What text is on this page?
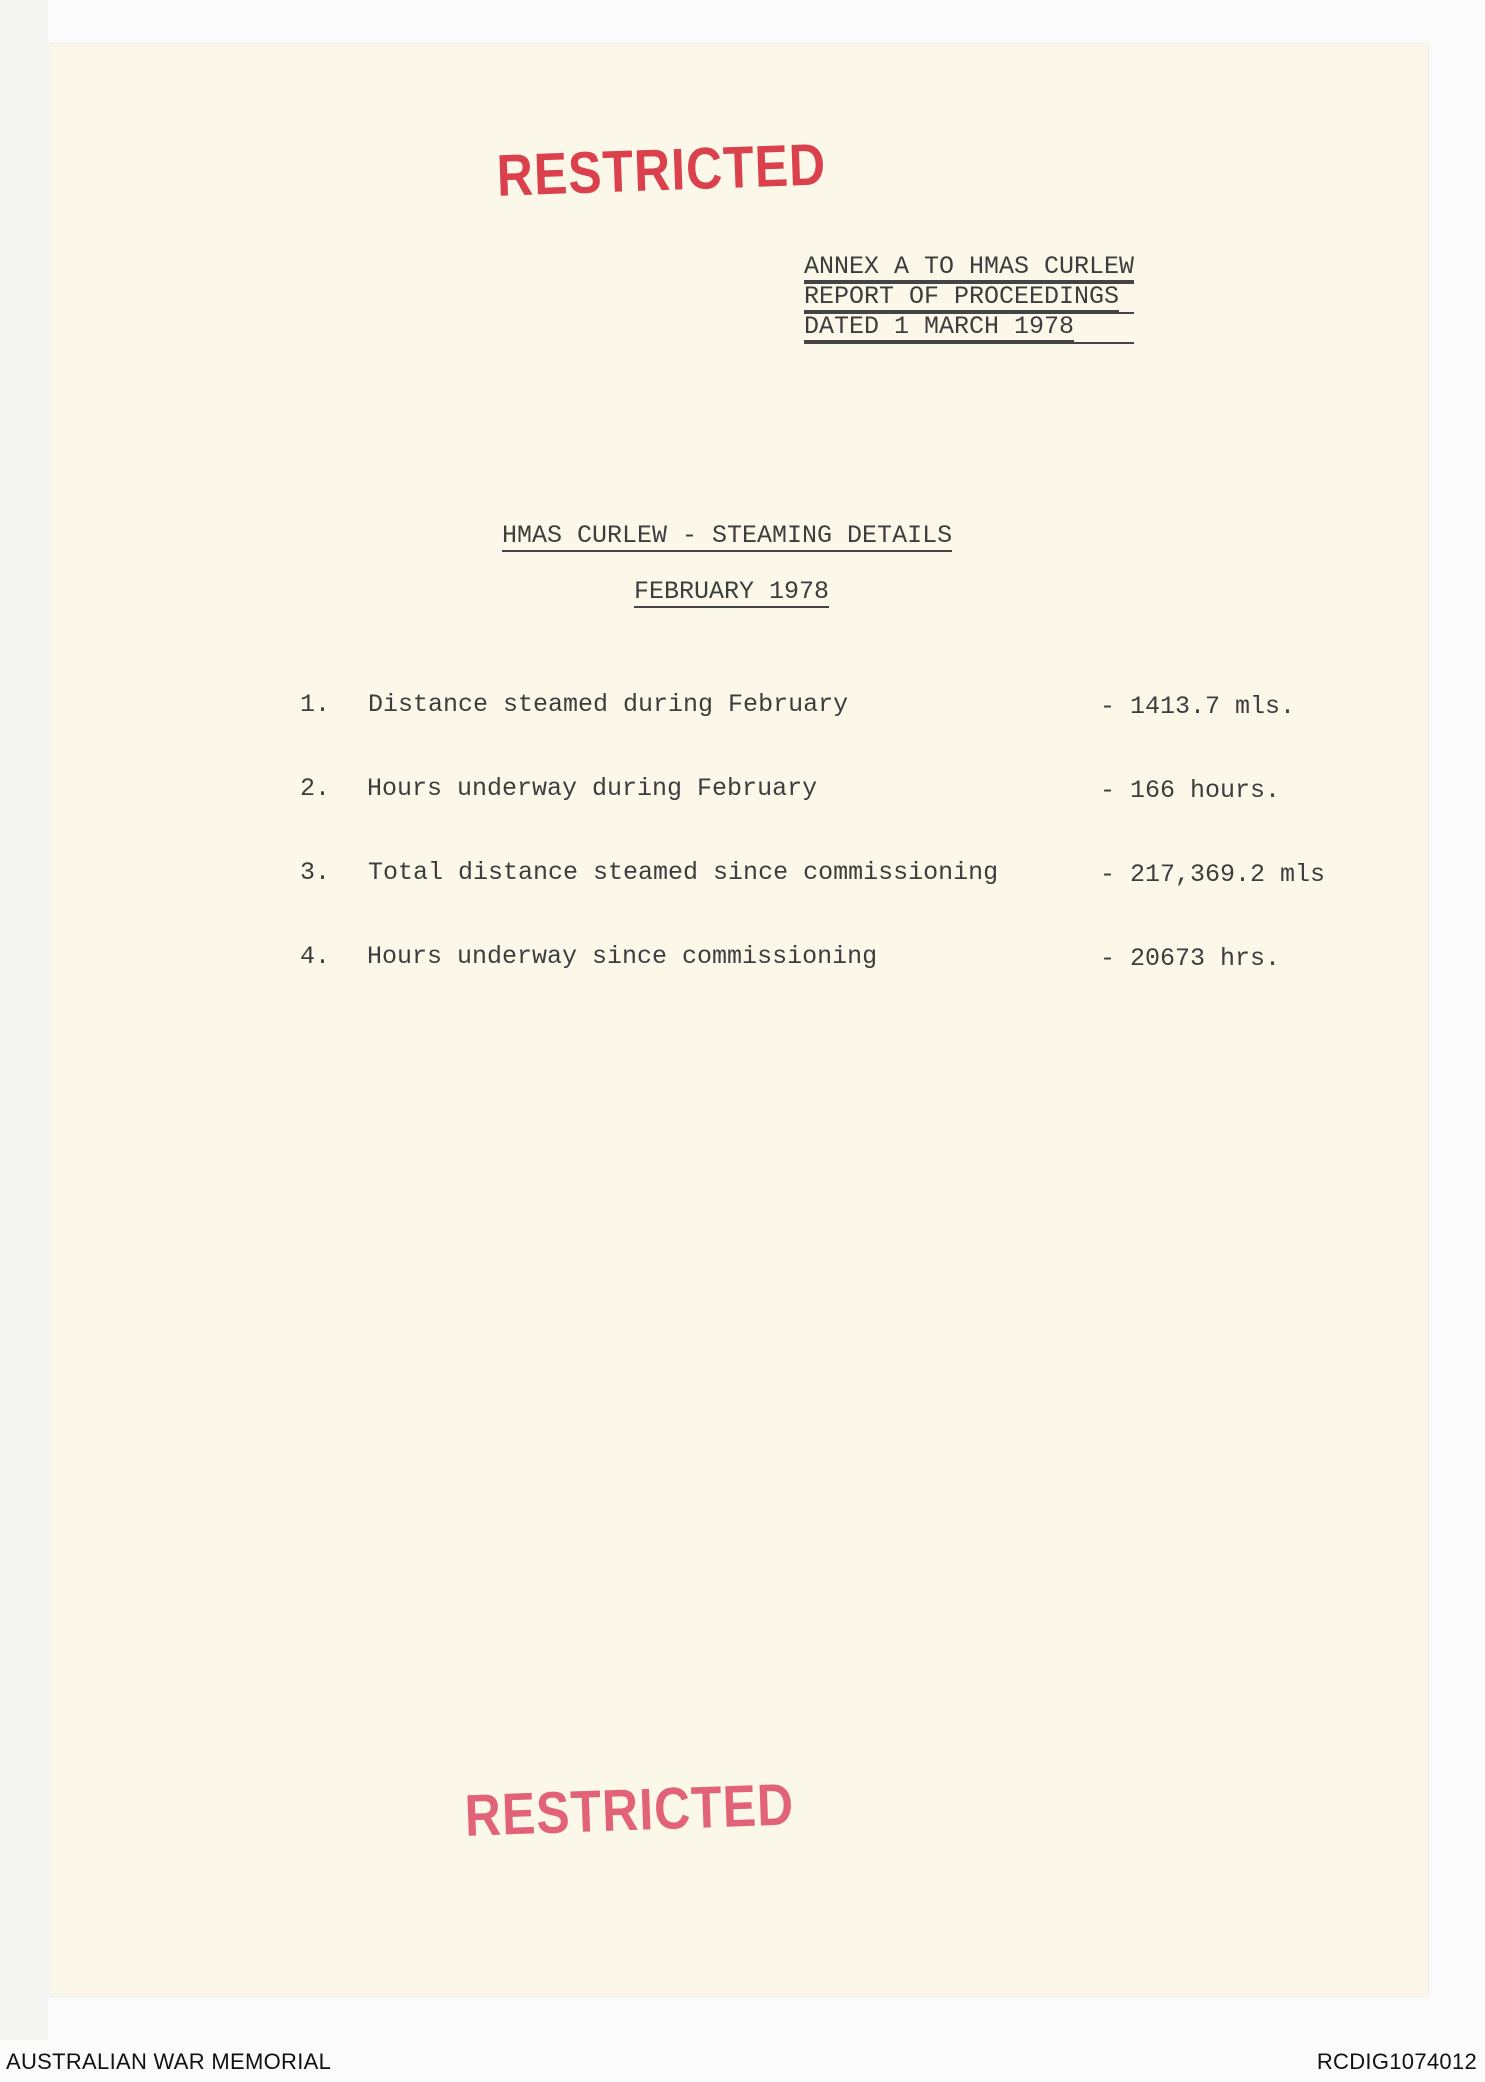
RESTRICTED
ANNEX A TO HMAS CURLEW
REPORT OF PROCEEDINGS
DATED 1 MARCH 1978
HMAS CURLEW - STEAMING DETAILS
FEBRUARY 1978
1. Distance steamed during February	- 1413.7 mls.
2. Hours underway during February	- 166 hours.
3. Total distance steamed since commissioning	- 217,369.2 mls
4. Hours underway since commissioning	- 20673 hrs.
RESTRICTED
AUSTRALIAN WAR MEMORIAL	RCDIG1074012
